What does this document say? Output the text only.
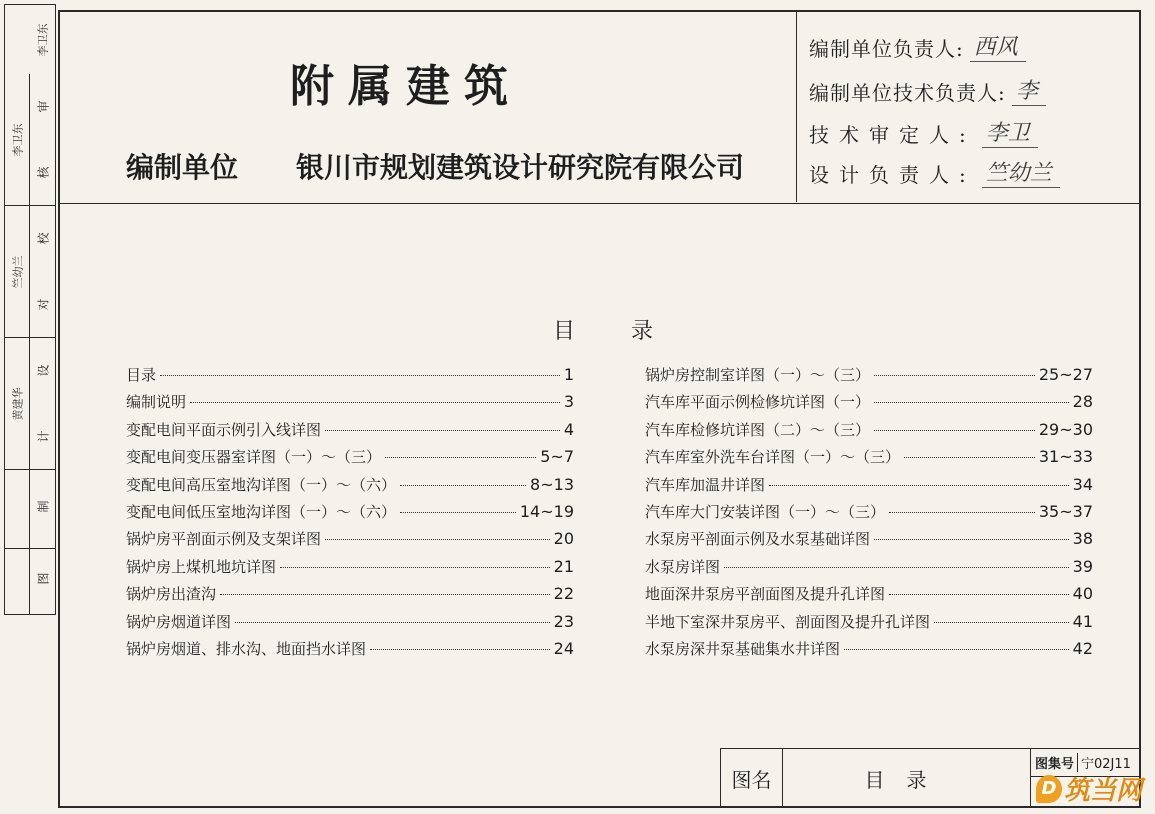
李卫东
李卫东
审
核
竺幼兰
校
对
黄建华
设
计
制
图
附属建筑
编制单位 银川市规划建筑设计研究院有限公司
编制单位负责人: 西风
编制单位技术负责人: 李
技术审定人: 李卫
设计负责人: 竺幼兰
目录
目录	1
编制说明	3
变配电间平面示例引入线详图	4
变配电间变压器室详图（一）～（三）	5~7
变配电间高压室地沟详图（一）～（六）	8~13
变配电间低压室地沟详图（一）～（六）	14~19
锅炉房平剖面示例及支架详图	20
锅炉房上煤机地坑详图	21
锅炉房出渣沟	22
锅炉房烟道详图	23
锅炉房烟道、排水沟、地面挡水详图	24
锅炉房控制室详图（一）～（三）	25~27
汽车库平面示例检修坑详图（一）	28
汽车库检修坑详图（二）～（三）	29~30
汽车库室外洗车台详图（一）～（三）	31~33
汽车库加温井详图	34
汽车库大门安装详图（一）～（三）	35~37
水泵房平剖面示例及水泵基础详图	38
水泵房详图	39
地面深井泵房平剖面图及提升孔详图	40
半地下室深井泵房平、剖面图及提升孔详图	41
水泵房深井泵基础集水井详图	42
图名	目录
图集号 宁02J11
D 筑当网
